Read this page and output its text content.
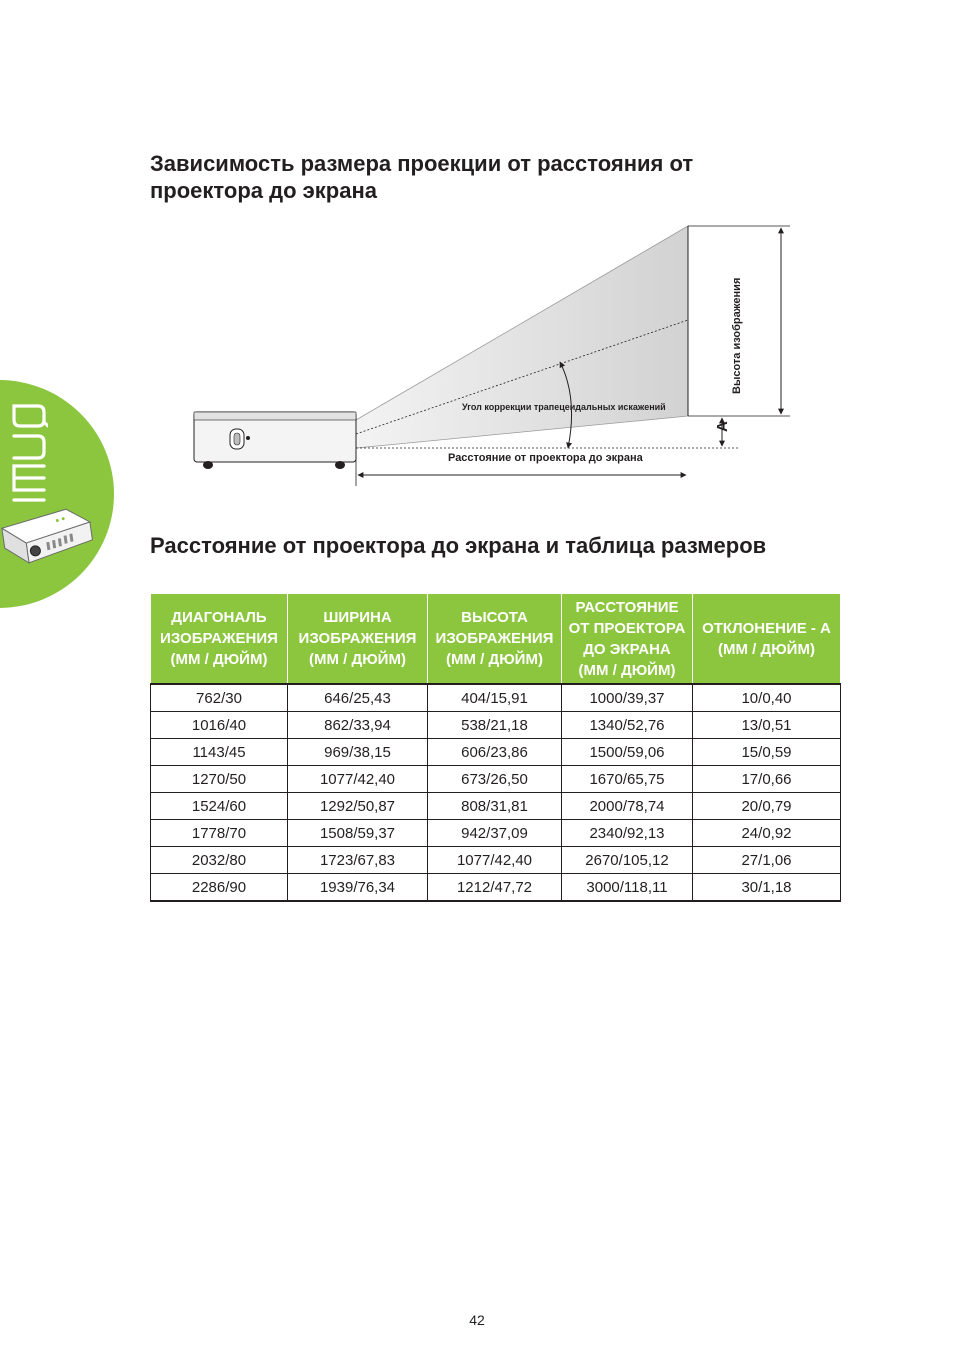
Зависимость размера проекции от расстояния от проектора до экрана
Угол коррекции трапецеидальных искажений
Расстояние от проектора до экрана
A
Высота изображения
Расстояние от проектора до экрана и таблица размеров
ДИАГОНАЛЬ
ИЗОБРАЖЕНИЯ
(ММ / ДЮЙМ)	ШИРИНА
ИЗОБРАЖЕНИЯ
(ММ / ДЮЙМ)	ВЫСОТА
ИЗОБРАЖЕНИЯ
(ММ / ДЮЙМ)	РАССТОЯНИЕ
ОТ ПРОЕКТОРА
ДО ЭКРАНА
(ММ / ДЮЙМ)	ОТКЛОНЕНИЕ - А
(ММ / ДЮЙМ)

762/30	646/25,43	404/15,91	1000/39,37	10/0,40
1016/40	862/33,94	538/21,18	1340/52,76	13/0,51
1143/45	969/38,15	606/23,86	1500/59,06	15/0,59
1270/50	1077/42,40	673/26,50	1670/65,75	17/0,66
1524/60	1292/50,87	808/31,81	2000/78,74	20/0,79
1778/70	1508/59,37	942/37,09	2340/92,13	24/0,92
2032/80	1723/67,83	1077/42,40	2670/105,12	27/1,06
2286/90	1939/76,34	1212/47,72	3000/118,11	30/1,18
42
